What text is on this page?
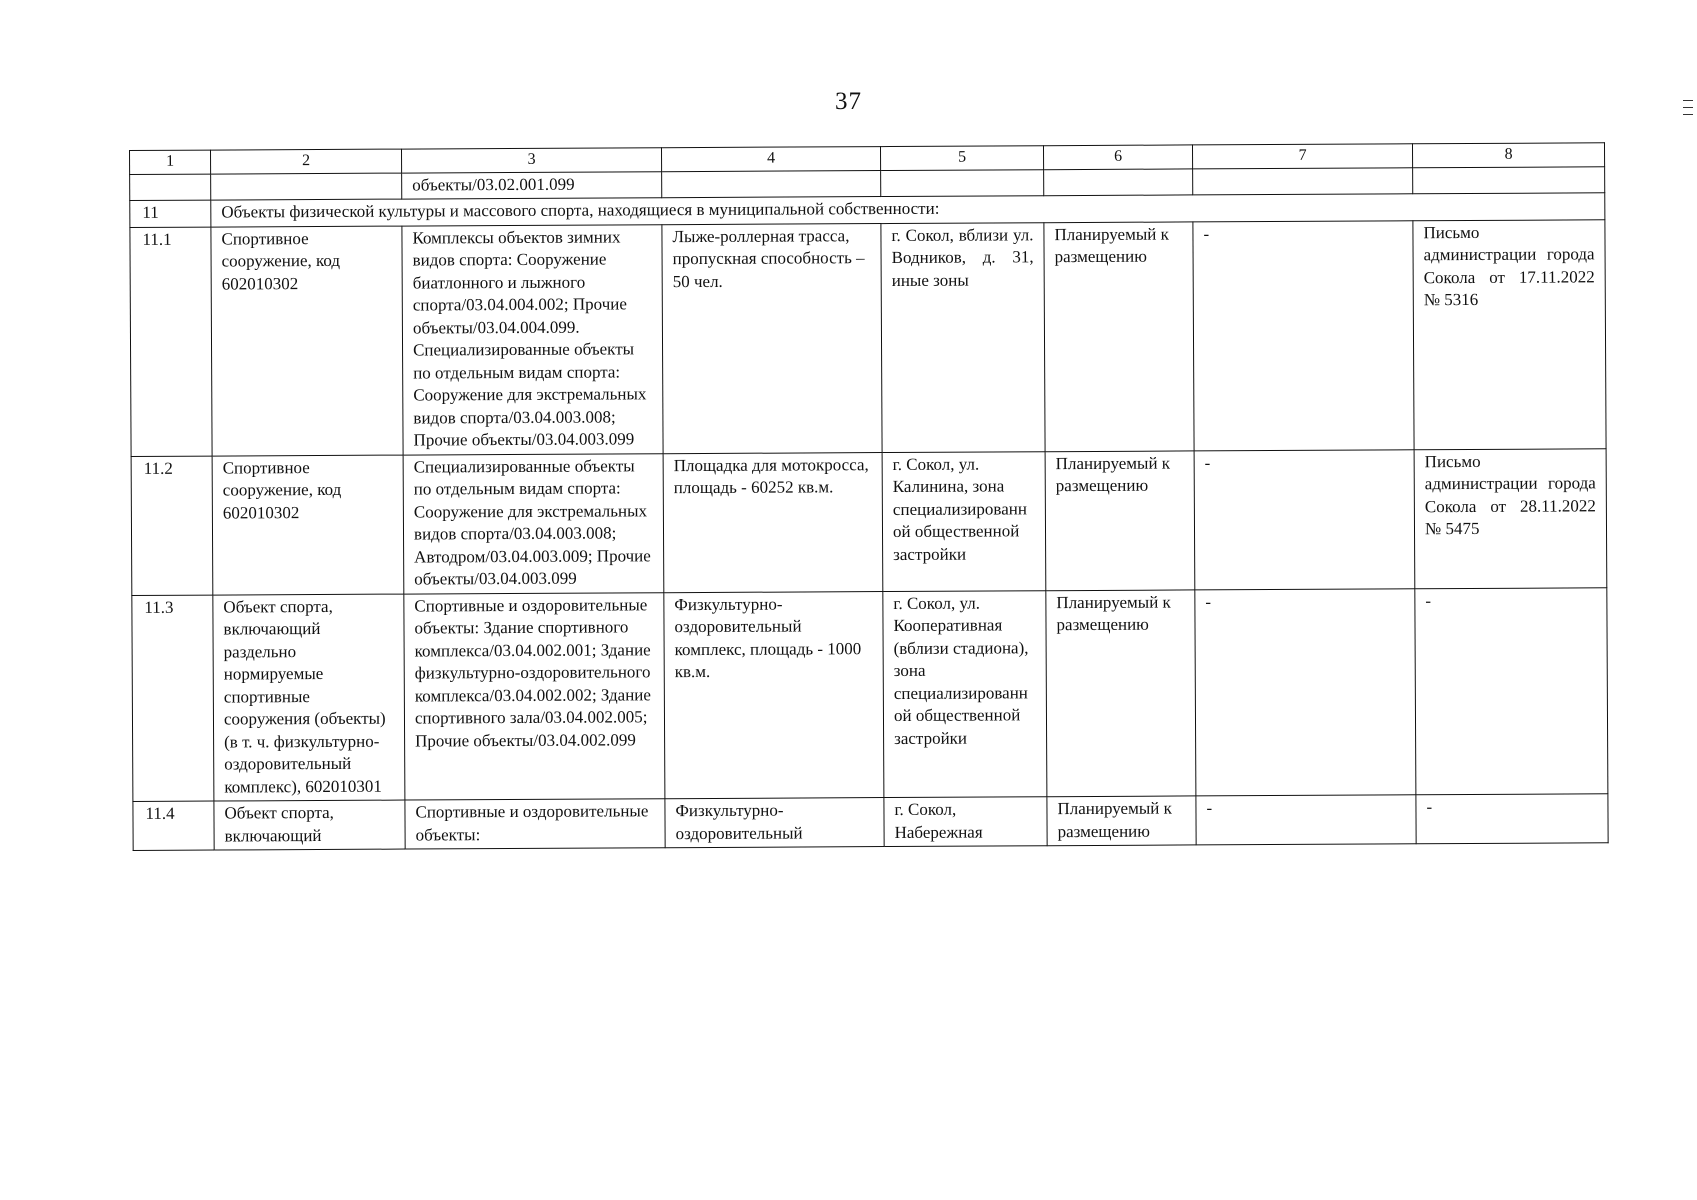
37
1	2	3	4	5	6	7	8
		объекты/03.02.001.099					
11	Объекты физической культуры и массового спорта, находящиеся в муниципальной собственности:						
11.1	Спортивное сооружение, код 602010302	Комплексы объектов зимних видов спорта: Сооружение биатлонного и лыжного спорта/03.04.004.002; Прочие объекты/03.04.004.099. Специализированные объекты по отдельным видам спорта: Сооружение для экстремальных видов спорта/03.04.003.008; Прочие объекты/03.04.003.099	Лыже-роллерная трасса, пропускная способность – 50 чел.	г. Сокол, вблизи ул. Водников, д. 31, иные зоны	Планируемый к размещению	-	Письмо администрации города Сокола от 17.11.2022 № 5316
11.2	Спортивное сооружение, код 602010302	Специализированные объекты по отдельным видам спорта: Сооружение для экстремальных видов спорта/03.04.003.008; Автодром/03.04.003.009; Прочие объекты/03.04.003.099	Площадка для мотокросса, площадь - 60252 кв.м.	г. Сокол, ул. Калинина, зона специализированной общественной застройки	Планируемый к размещению	-	Письмо администрации города Сокола от 28.11.2022 № 5475
11.3	Объект спорта, включающий раздельно нормируемые спортивные сооружения (объекты) (в т. ч. физкультурно-оздоровительный комплекс), 602010301	Спортивные и оздоровительные объекты: Здание спортивного комплекса/03.04.002.001; Здание физкультурно-оздоровительного комплекса/03.04.002.002; Здание спортивного зала/03.04.002.005; Прочие объекты/03.04.002.099	Физкультурно-оздоровительный комплекс, площадь - 1000 кв.м.	г. Сокол, ул. Кооперативная (вблизи стадиона), зона специализированной общественной застройки	Планируемый к размещению	-	-
11.4	Объект спорта, включающий	Спортивные и оздоровительные объекты:	Физкультурно-оздоровительный	г. Сокол, Набережная	Планируемый к размещению	-	-
